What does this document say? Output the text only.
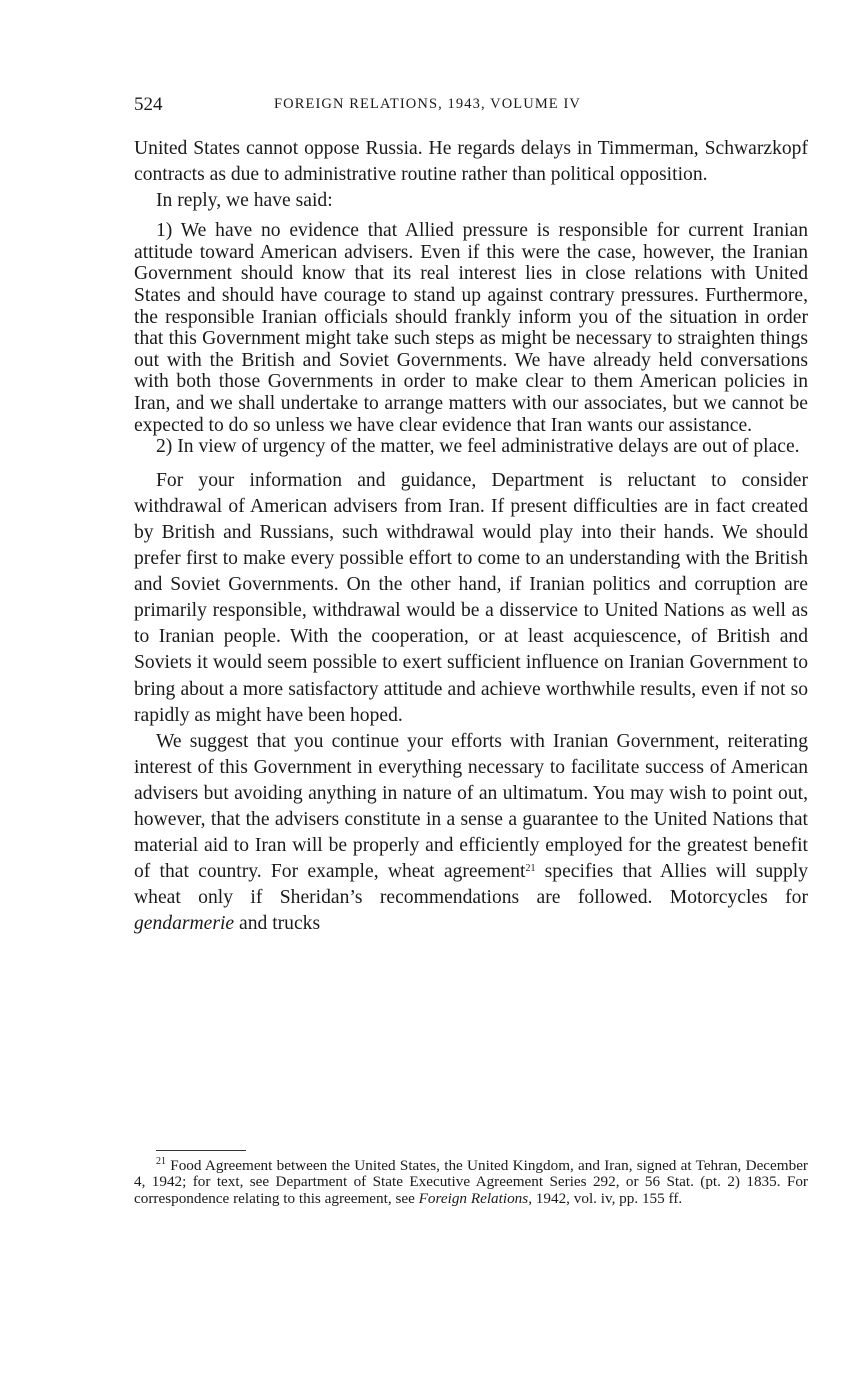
524	FOREIGN RELATIONS, 1943, VOLUME IV

United States cannot oppose Russia. He regards delays in Timmerman, Schwarzkopf contracts as due to administrative routine rather than political opposition.

In reply, we have said:

1) We have no evidence that Allied pressure is responsible for current Iranian attitude toward American advisers. Even if this were the case, however, the Iranian Government should know that its real interest lies in close relations with United States and should have courage to stand up against contrary pressures. Furthermore, the responsible Iranian officials should frankly inform you of the situation in order that this Government might take such steps as might be necessary to straighten things out with the British and Soviet Governments. We have already held conversations with both those Governments in order to make clear to them American policies in Iran, and we shall undertake to arrange matters with our associates, but we cannot be expected to do so unless we have clear evidence that Iran wants our assistance.

2) In view of urgency of the matter, we feel administrative delays are out of place.

For your information and guidance, Department is reluctant to consider withdrawal of American advisers from Iran. If present difficulties are in fact created by British and Russians, such withdrawal would play into their hands. We should prefer first to make every possible effort to come to an understanding with the British and Soviet Governments. On the other hand, if Iranian politics and corruption are primarily responsible, withdrawal would be a disservice to United Nations as well as to Iranian people. With the cooperation, or at least acquiescence, of British and Soviets it would seem possible to exert sufficient influence on Iranian Government to bring about a more satisfactory attitude and achieve worthwhile results, even if not so rapidly as might have been hoped.

We suggest that you continue your efforts with Iranian Government, reiterating interest of this Government in everything necessary to facilitate success of American advisers but avoiding anything in nature of an ultimatum. You may wish to point out, however, that the advisers constitute in a sense a guarantee to the United Nations that material aid to Iran will be properly and efficiently employed for the greatest benefit of that country. For example, wheat agreement$^{21}$ specifies that Allies will supply wheat only if Sheridan’s recommendations are followed. Motorcycles for gendarmerie and trucks

$^{21}$ Food Agreement between the United States, the United Kingdom, and Iran, signed at Tehran, December 4, 1942; for text, see Department of State Executive Agreement Series 292, or 56 Stat. (pt. 2) 1835. For correspondence relating to this agreement, see Foreign Relations, 1942, vol. iv, pp. 155 ff.
